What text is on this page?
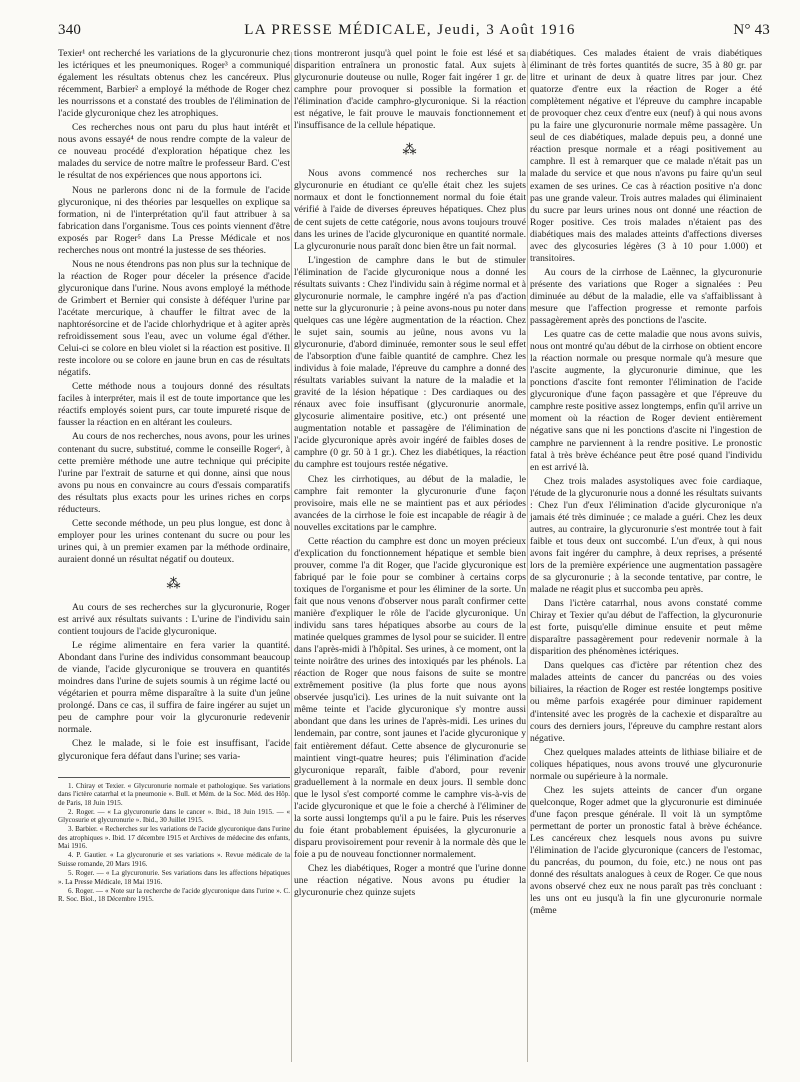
340	LA PRESSE MÉDICALE, Jeudi, 3 Août 1916	N° 43

Texier¹ ont recherché les variations de la glycuronurie chez les ictériques et les pneumoniques. Roger³ a communiqué également les résultats obtenus chez les cancéreux. Plus récemment, Barbier² a employé la méthode de Roger chez les nourrissons et a constaté des troubles de l'élimination de l'acide glycuronique chez les atrophiques.

Ces recherches nous ont paru du plus haut intérêt et nous avons essayé⁴ de nous rendre compte de la valeur de ce nouveau procédé d'exploration hépatique chez les malades du service de notre maître le professeur Bard. C'est le résultat de nos expériences que nous apportons ici.

Nous ne parlerons donc ni de la formule de l'acide glycuronique, ni des théories par lesquelles on explique sa formation, ni de l'interprétation qu'il faut attribuer à sa fabrication dans l'organisme. Tous ces points viennent d'être exposés par Roger⁵ dans La Presse Médicale et nos recherches nous ont montré la justesse de ses théories.

Nous ne nous étendrons pas non plus sur la technique de la réaction de Roger pour déceler la présence d'acide glycuronique dans l'urine. Nous avons employé la méthode de Grimbert et Bernier qui consiste à déféquer l'urine par l'acétate mercurique, à chauffer le filtrat avec de la naphtorésorcine et de l'acide chlorhydrique et à agiter après refroidissement sous l'eau, avec un volume égal d'éther. Celui-ci se colore en bleu violet si la réaction est positive. Il reste incolore ou se colore en jaune brun en cas de résultats négatifs.

Cette méthode nous a toujours donné des résultats faciles à interpréter, mais il est de toute importance que les réactifs employés soient purs, car toute impureté risque de fausser la réaction en en altérant les couleurs.

Au cours de nos recherches, nous avons, pour les urines contenant du sucre, substitué, comme le conseille Roger⁶, à cette première méthode une autre technique qui précipite l'urine par l'extrait de saturne et qui donne, ainsi que nous avons pu nous en convaincre au cours d'essais comparatifs des résultats plus exacts pour les urines riches en corps réducteurs.

Cette seconde méthode, un peu plus longue, est donc à employer pour les urines contenant du sucre ou pour les urines qui, à un premier examen par la méthode ordinaire, auraient donné un résultat négatif ou douteux.

⁂

Au cours de ses recherches sur la glycuronurie, Roger est arrivé aux résultats suivants : L'urine de l'individu sain contient toujours de l'acide glycuronique.

Le régime alimentaire en fera varier la quantité. Abondant dans l'urine des individus consommant beaucoup de viande, l'acide glycuronique se trouvera en quantités moindres dans l'urine de sujets soumis à un régime lacté ou végétarien et pourra même disparaître à la suite d'un jeûne prolongé. Dans ce cas, il suffira de faire ingérer au sujet un peu de camphre pour voir la glycuronurie redevenir normale.

Chez le malade, si le foie est insuffisant, l'acide glycuronique fera défaut dans l'urine; ses varia-

1. Chiray et Texier. « Glycuronurie normale et pathologique. Ses variations dans l'ictère catarrhal et la pneumonie ». Bull. et Mém. de la Soc. Méd. des Hôp. de Paris, 18 Juin 1915.

2. Roger. — « La glycuronurie dans le cancer ». Ibid., 18 Juin 1915. — « Glycosurie et glycuronurie ». Ibid., 30 Juillet 1915.

3. Barbier. « Recherches sur les variations de l'acide glycuronique dans l'urine des atrophiques ». Ibid. 17 décembre 1915 et Archives de médecine des enfants, Mai 1916.

4. P. Gautier. « La glycuronurie et ses variations ». Revue médicale de la Suisse romande, 20 Mars 1916.

5. Roger. — « La glycuronurie. Ses variations dans les affections hépatiques ». La Presse Médicale, 18 Mai 1916.

6. Roger. — « Note sur la recherche de l'acide glycuronique dans l'urine ». C. R. Soc. Biol., 18 Décembre 1915.

tions montreront jusqu'à quel point le foie est lésé et sa disparition entraînera un pronostic fatal. Aux sujets à glycuronurie douteuse ou nulle, Roger fait ingérer 1 gr. de camphre pour provoquer si possible la formation et l'élimination d'acide camphro-glycuronique. Si la réaction est négative, le fait prouve le mauvais fonctionnement et l'insuffisance de la cellule hépatique.

⁂

Nous avons commencé nos recherches sur la glycuronurie en étudiant ce qu'elle était chez les sujets normaux et dont le fonctionnement normal du foie était vérifié à l'aide de diverses épreuves hépatiques. Chez plus de cent sujets de cette catégorie, nous avons toujours trouvé dans les urines de l'acide glycuronique en quantité normale. La glycuronurie nous paraît donc bien être un fait normal.

L'ingestion de camphre dans le but de stimuler l'élimination de l'acide glycuronique nous a donné les résultats suivants : Chez l'individu sain à régime normal et à glycuronurie normale, le camphre ingéré n'a pas d'action nette sur la glycuronurie ; à peine avons-nous pu noter dans quelques cas une légère augmentation de la réaction. Chez le sujet sain, soumis au jeûne, nous avons vu la glycuronurie, d'abord diminuée, remonter sous le seul effet de l'absorption d'une faible quantité de camphre. Chez les individus à foie malade, l'épreuve du camphre a donné des résultats variables suivant la nature de la maladie et la gravité de la lésion hépatique : Des cardiaques ou des rénaux avec foie insuffisant (glycuronurie anormale, glycosurie alimentaire positive, etc.) ont présenté une augmentation notable et passagère de l'élimination de l'acide glycuronique après avoir ingéré de faibles doses de camphre (0 gr. 50 à 1 gr.). Chez les diabétiques, la réaction du camphre est toujours restée négative.

Chez les cirrhotiques, au début de la maladie, le camphre fait remonter la glycuronurie d'une façon provisoire, mais elle ne se maintient pas et aux périodes avancées de la cirrhose le foie est incapable de réagir à de nouvelles excitations par le camphre.

Cette réaction du camphre est donc un moyen précieux d'explication du fonctionnement hépatique et semble bien prouver, comme l'a dit Roger, que l'acide glycuronique est fabriqué par le foie pour se combiner à certains corps toxiques de l'organisme et pour les éliminer de la sorte. Un fait que nous venons d'observer nous paraît confirmer cette manière d'expliquer le rôle de l'acide glycuronique. Un individu sans tares hépatiques absorbe au cours de la matinée quelques grammes de lysol pour se suicider. Il entre dans l'après-midi à l'hôpital. Ses urines, à ce moment, ont la teinte noirâtre des urines des intoxiqués par les phénols. La réaction de Roger que nous faisons de suite se montre extrêmement positive (la plus forte que nous ayons observée jusqu'ici). Les urines de la nuit suivante ont la même teinte et l'acide glycuronique s'y montre aussi abondant que dans les urines de l'après-midi. Les urines du lendemain, par contre, sont jaunes et l'acide glycuronique y fait entièrement défaut. Cette absence de glycuronurie se maintient vingt-quatre heures; puis l'élimination d'acide glycuronique reparaît, faible d'abord, pour revenir graduellement à la normale en deux jours. Il semble donc que le lysol s'est comporté comme le camphre vis-à-vis de l'acide glycuronique et que le foie a cherché à l'éliminer de la sorte aussi longtemps qu'il a pu le faire. Puis les réserves du foie étant probablement épuisées, la glycuronurie a disparu provisoirement pour revenir à la normale dès que le foie a pu de nouveau fonctionner normalement.

Chez les diabétiques, Roger a montré que l'urine donne une réaction négative. Nous avons pu étudier la glycuronurie chez quinze sujets

diabétiques. Ces malades étaient de vrais diabétiques éliminant de très fortes quantités de sucre, 35 à 80 gr. par litre et urinant de deux à quatre litres par jour. Chez quatorze d'entre eux la réaction de Roger a été complètement négative et l'épreuve du camphre incapable de provoquer chez ceux d'entre eux (neuf) à qui nous avons pu la faire une glycuronurie normale même passagère. Un seul de ces diabétiques, malade depuis peu, a donné une réaction presque normale et a réagi positivement au camphre. Il est à remarquer que ce malade n'était pas un malade du service et que nous n'avons pu faire qu'un seul examen de ses urines. Ce cas à réaction positive n'a donc pas une grande valeur. Trois autres malades qui éliminaient du sucre par leurs urines nous ont donné une réaction de Roger positive. Ces trois malades n'étaient pas des diabétiques mais des malades atteints d'affections diverses avec des glycosuries légères (3 à 10 pour 1.000) et transitoires.

Au cours de la cirrhose de Laënnec, la glycuronurie présente des variations que Roger a signalées : Peu diminuée au début de la maladie, elle va s'affaiblissant à mesure que l'affection progresse et remonte parfois passagèrement après des ponctions de l'ascite.

Les quatre cas de cette maladie que nous avons suivis, nous ont montré qu'au début de la cirrhose on obtient encore la réaction normale ou presque normale qu'à mesure que l'ascite augmente, la glycuronurie diminue, que les ponctions d'ascite font remonter l'élimination de l'acide glycuronique d'une façon passagère et que l'épreuve du camphre reste positive assez longtemps, enfin qu'il arrive un moment où la réaction de Roger devient entièrement négative sans que ni les ponctions d'ascite ni l'ingestion de camphre ne parviennent à la rendre positive. Le pronostic fatal à très brève échéance peut être posé quand l'individu en est arrivé là.

Chez trois malades asystoliques avec foie cardiaque, l'étude de la glycuronurie nous a donné les résultats suivants : Chez l'un d'eux l'élimination d'acide glycuronique n'a jamais été très diminuée ; ce malade a guéri. Chez les deux autres, au contraire, la glycuronurie s'est montrée tout à fait faible et tous deux ont succombé. L'un d'eux, à qui nous avons fait ingérer du camphre, à deux reprises, a présenté lors de la première expérience une augmentation passagère de sa glycuronurie ; à la seconde tentative, par contre, le malade ne réagit plus et succomba peu après.

Dans l'ictère catarrhal, nous avons constaté comme Chiray et Texier qu'au début de l'affection, la glycuronurie est forte, puisqu'elle diminue ensuite et peut même disparaître passagèrement pour redevenir normale à la disparition des phénomènes ictériques.

Dans quelques cas d'ictère par rétention chez des malades atteints de cancer du pancréas ou des voies biliaires, la réaction de Roger est restée longtemps positive ou même parfois exagérée pour diminuer rapidement d'intensité avec les progrès de la cachexie et disparaître au cours des derniers jours, l'épreuve du camphre restant alors négative.

Chez quelques malades atteints de lithiase biliaire et de coliques hépatiques, nous avons trouvé une glycuronurie normale ou supérieure à la normale.

Chez les sujets atteints de cancer d'un organe quelconque, Roger admet que la glycuronurie est diminuée d'une façon presque générale. Il voit là un symptôme permettant de porter un pronostic fatal à brève échéance. Les cancéreux chez lesquels nous avons pu suivre l'élimination de l'acide glycuronique (cancers de l'estomac, du pancréas, du poumon, du foie, etc.) ne nous ont pas donné des résultats analogues à ceux de Roger. Ce que nous avons observé chez eux ne nous paraît pas très concluant : les uns ont eu jusqu'à la fin une glycuronurie normale (même
